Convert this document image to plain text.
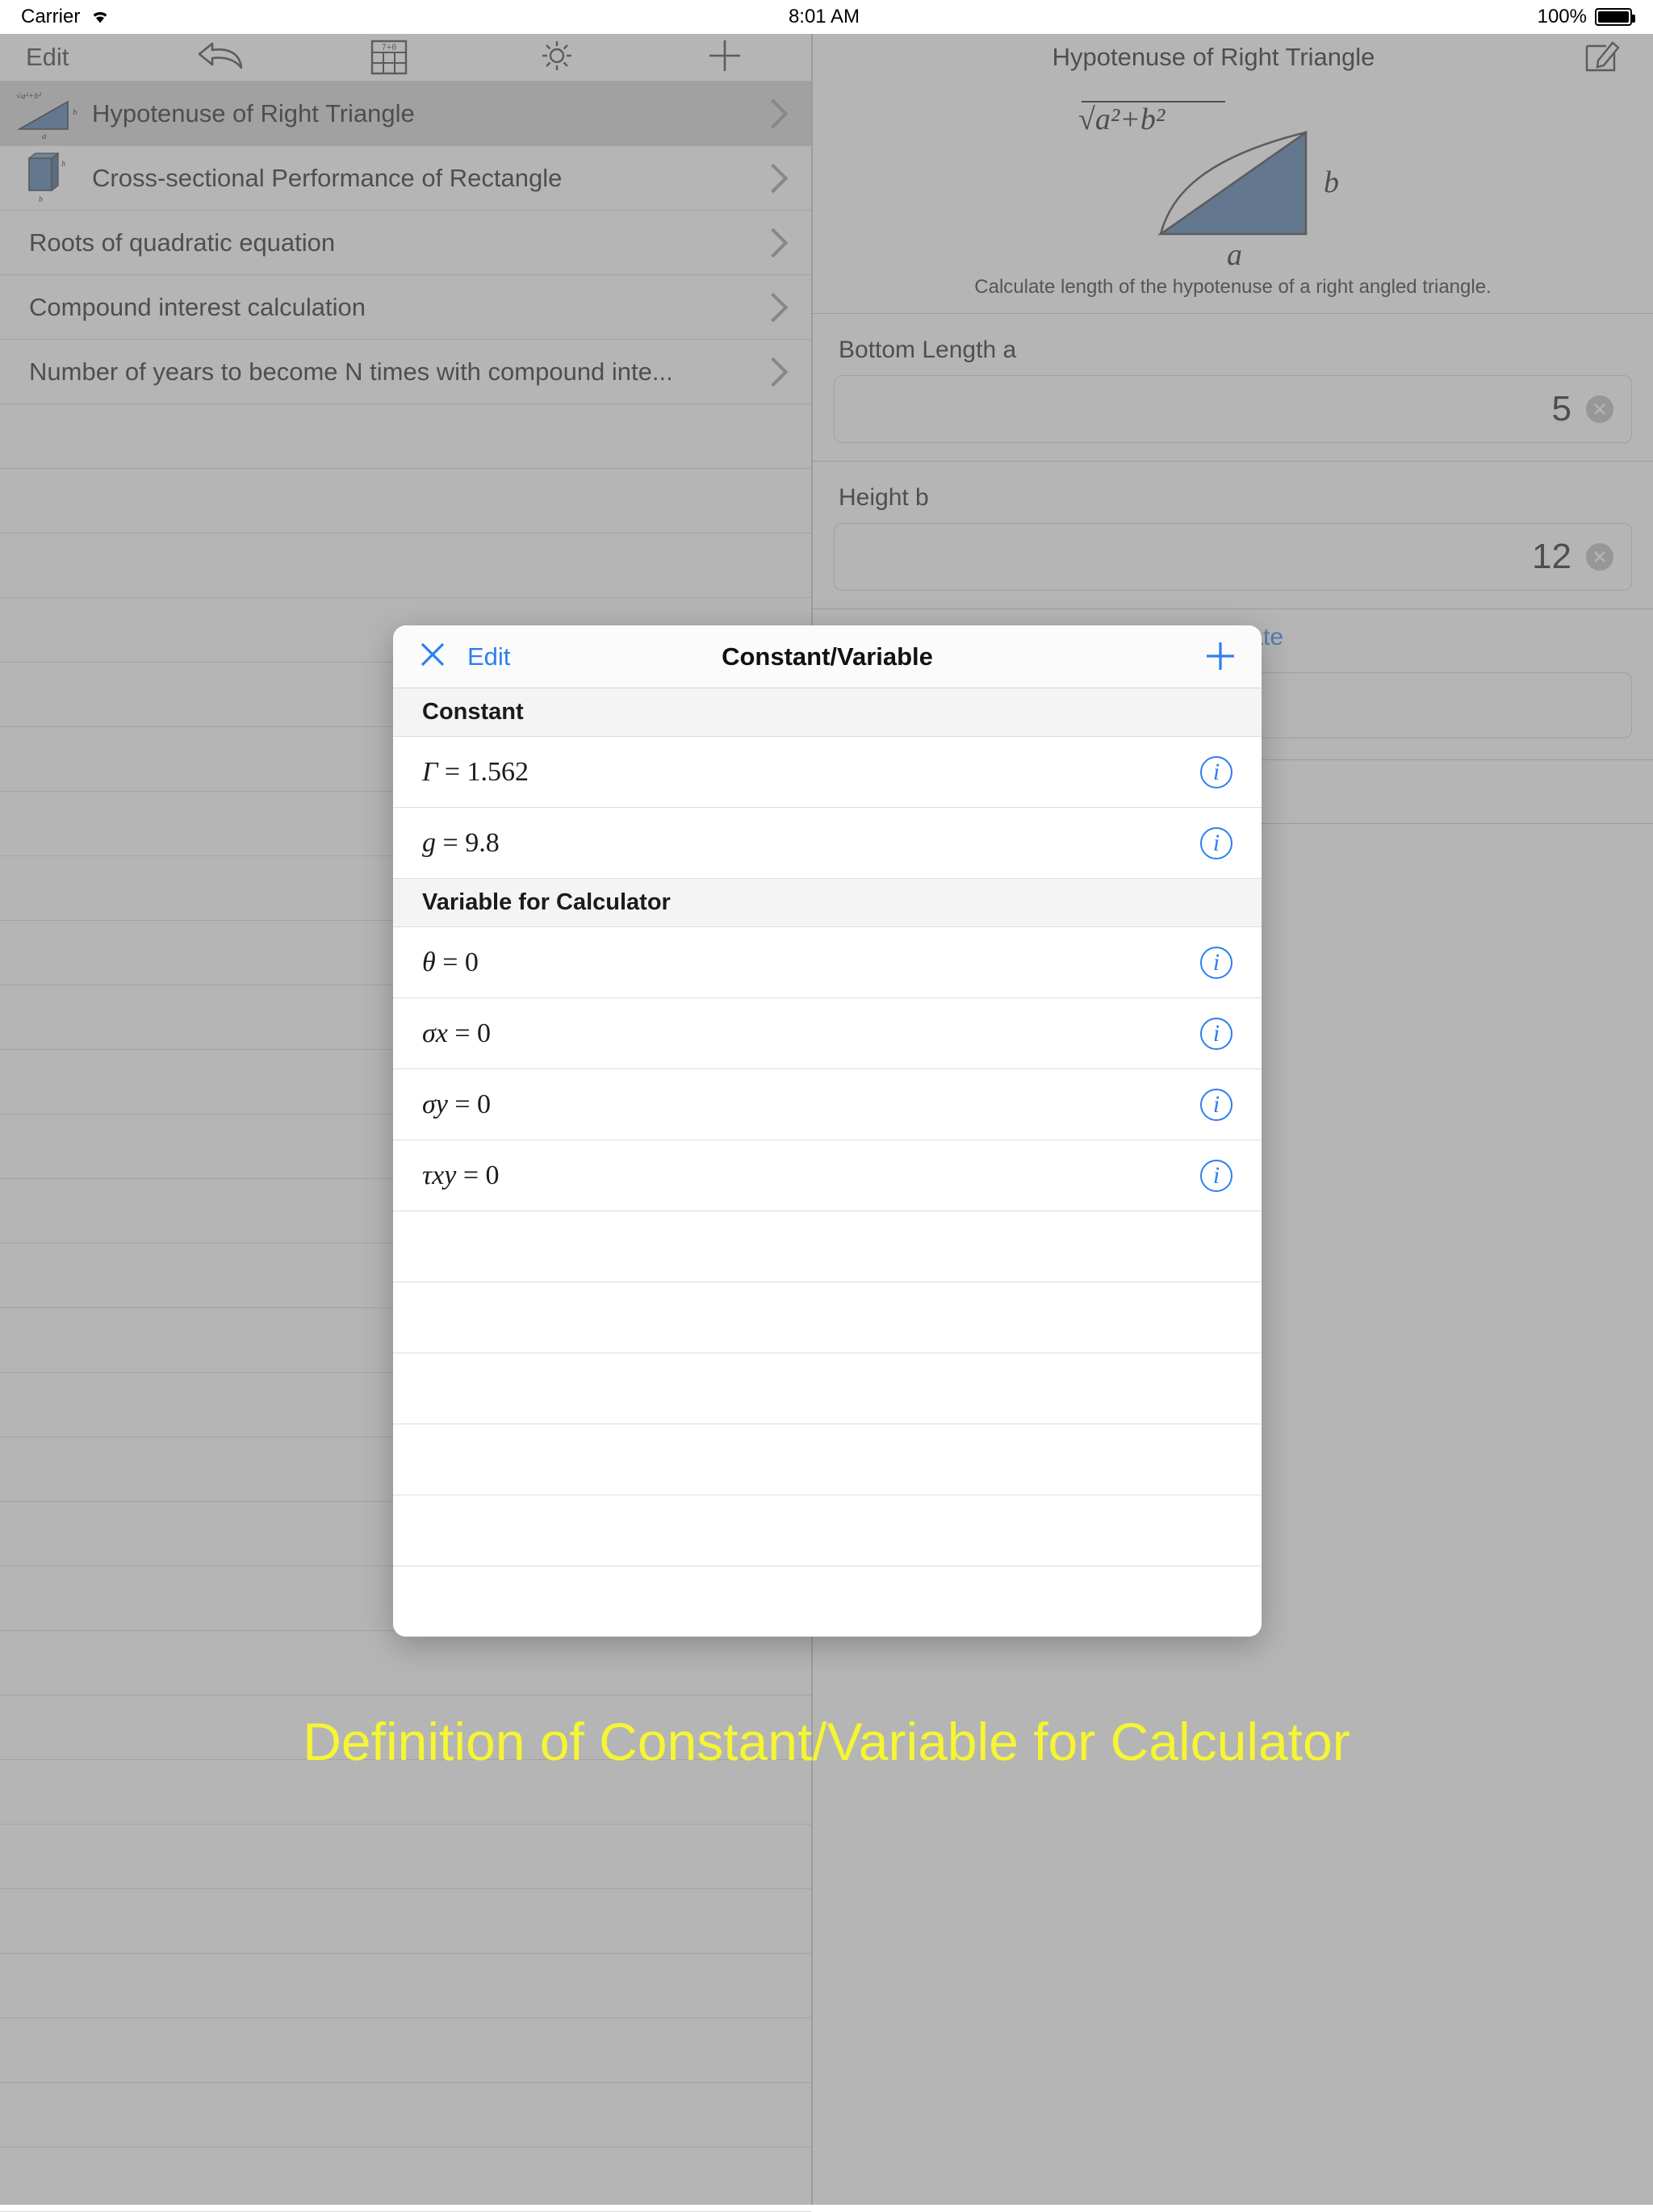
Carrier	8:01 AM	100%
Edit	Constant/Variable
Constant
Γ = 1.562	i
g = 9.8	i
Variable for Calculator
θ = 0	i
σx = 0	i
σy = 0	i
τxy = 0	i
Definition of Constant/Variable for Calculator
